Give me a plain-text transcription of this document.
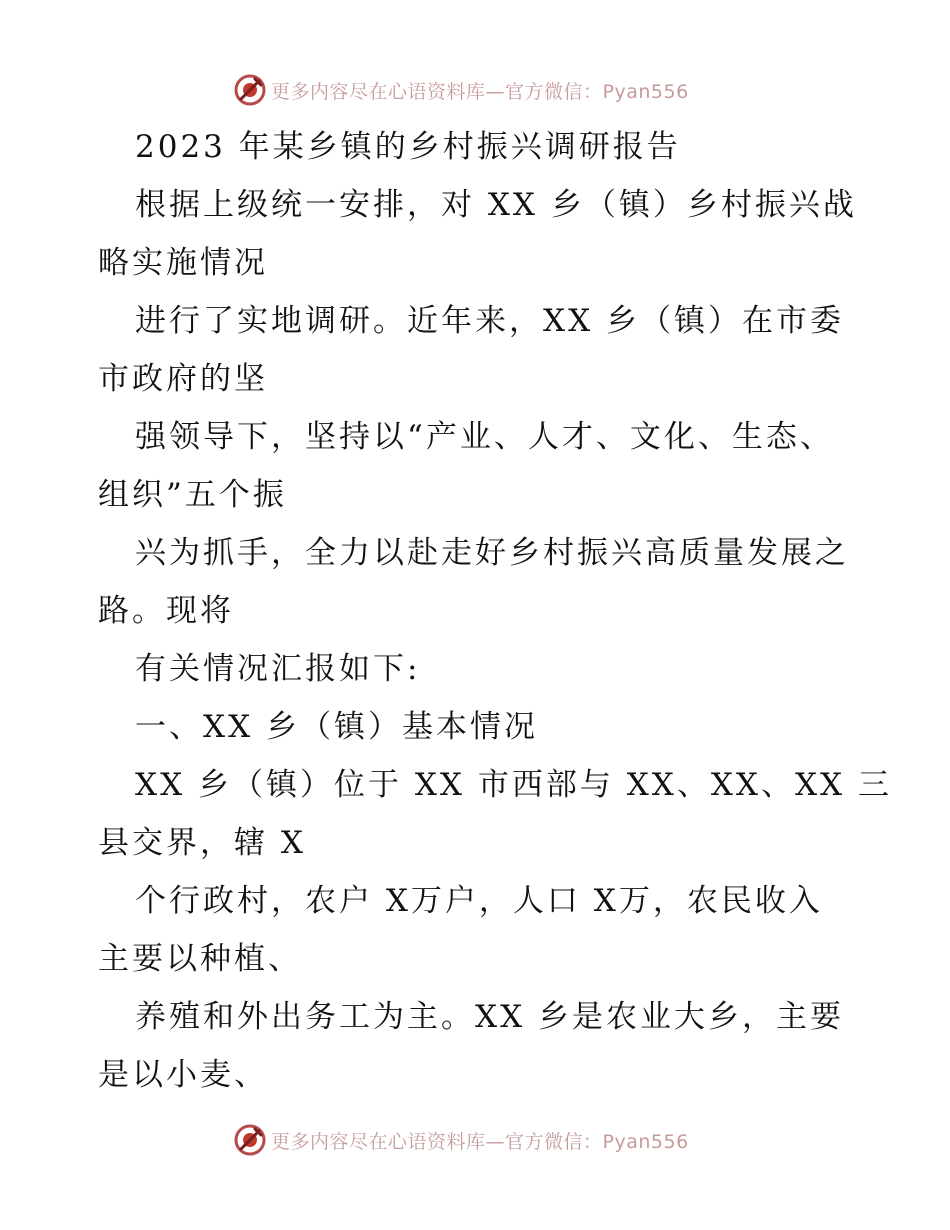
更多内容尽在心语资料库—官方微信：Pyan556
2023 年某乡镇的乡村振兴调研报告
根据上级统一安排，对 XX 乡（镇）乡村振兴战
略实施情况
进行了实地调研。近年来，XX 乡（镇）在市委
市政府的坚
强领导下，坚持以“产业、人才、文化、生态、
组织”五个振
兴为抓手，全力以赴走好乡村振兴高质量发展之
路。现将
有关情况汇报如下:
一、XX 乡（镇）基本情况
XX 乡（镇）位于 XX 市西部与 XX、XX、XX 三
县交界，辖 X
个行政村，农户 X万户，人口 X万，农民收入
主要以种植、
养殖和外出务工为主。XX 乡是农业大乡，主要
是以小麦、
更多内容尽在心语资料库—官方微信：Pyan556
